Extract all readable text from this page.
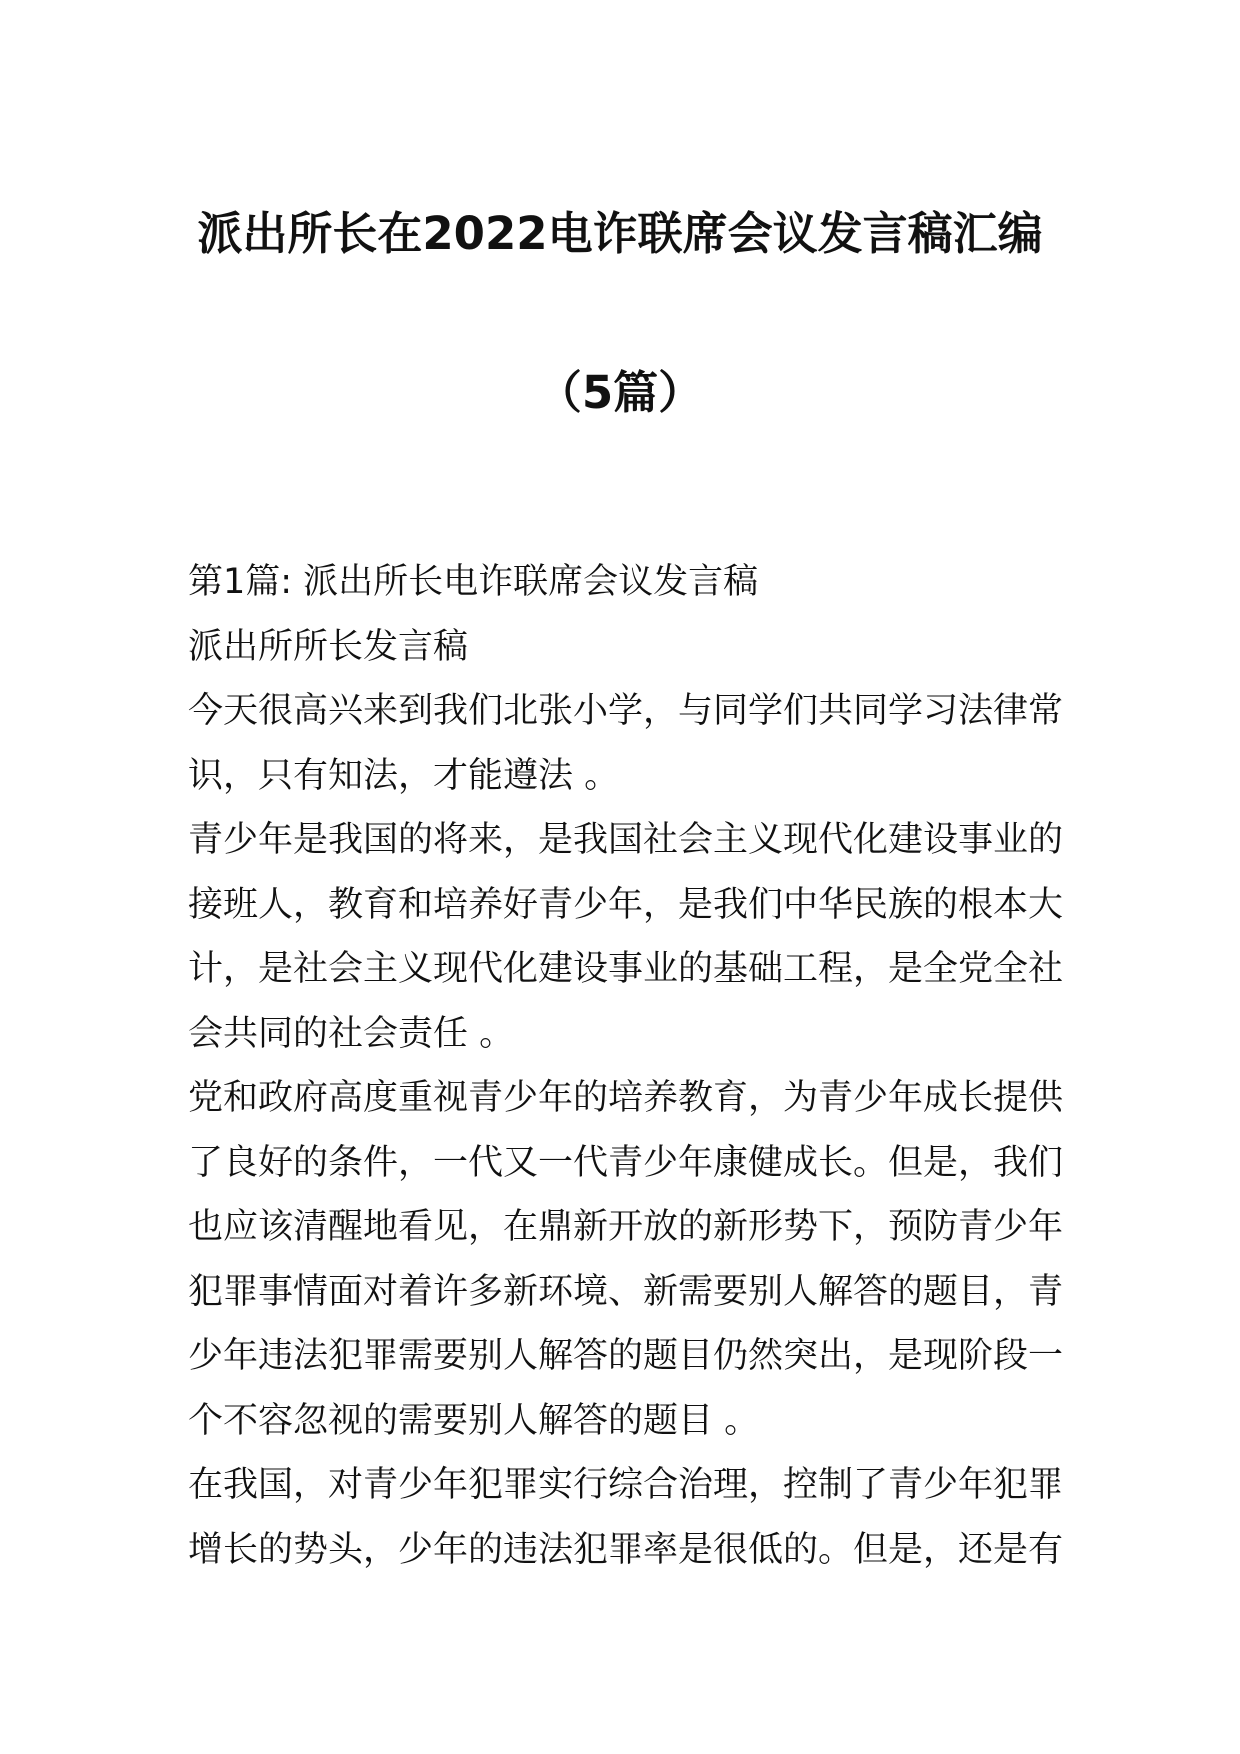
派出所长在2022电诈联席会议发言稿汇编
（5篇）
第1篇: 派出所长电诈联席会议发言稿
派出所所长发言稿
今天很高兴来到我们北张小学，与同学们共同学习法律常
识，只有知法，才能遵法 。
青少年是我国的将来，是我国社会主义现代化建设事业的
接班人，教育和培养好青少年，是我们中华民族的根本大
计，是社会主义现代化建设事业的基础工程，是全党全社
会共同的社会责任 。
党和政府高度重视青少年的培养教育，为青少年成长提供
了良好的条件，一代又一代青少年康健成长。但是，我们
也应该清醒地看见，在鼎新开放的新形势下，预防青少年
犯罪事情面对着许多新环境、新需要别人解答的题目，青
少年违法犯罪需要别人解答的题目仍然突出，是现阶段一
个不容忽视的需要别人解答的题目 。
在我国，对青少年犯罪实行综合治理，控制了青少年犯罪
增长的势头，少年的违法犯罪率是很低的。但是，还是有
